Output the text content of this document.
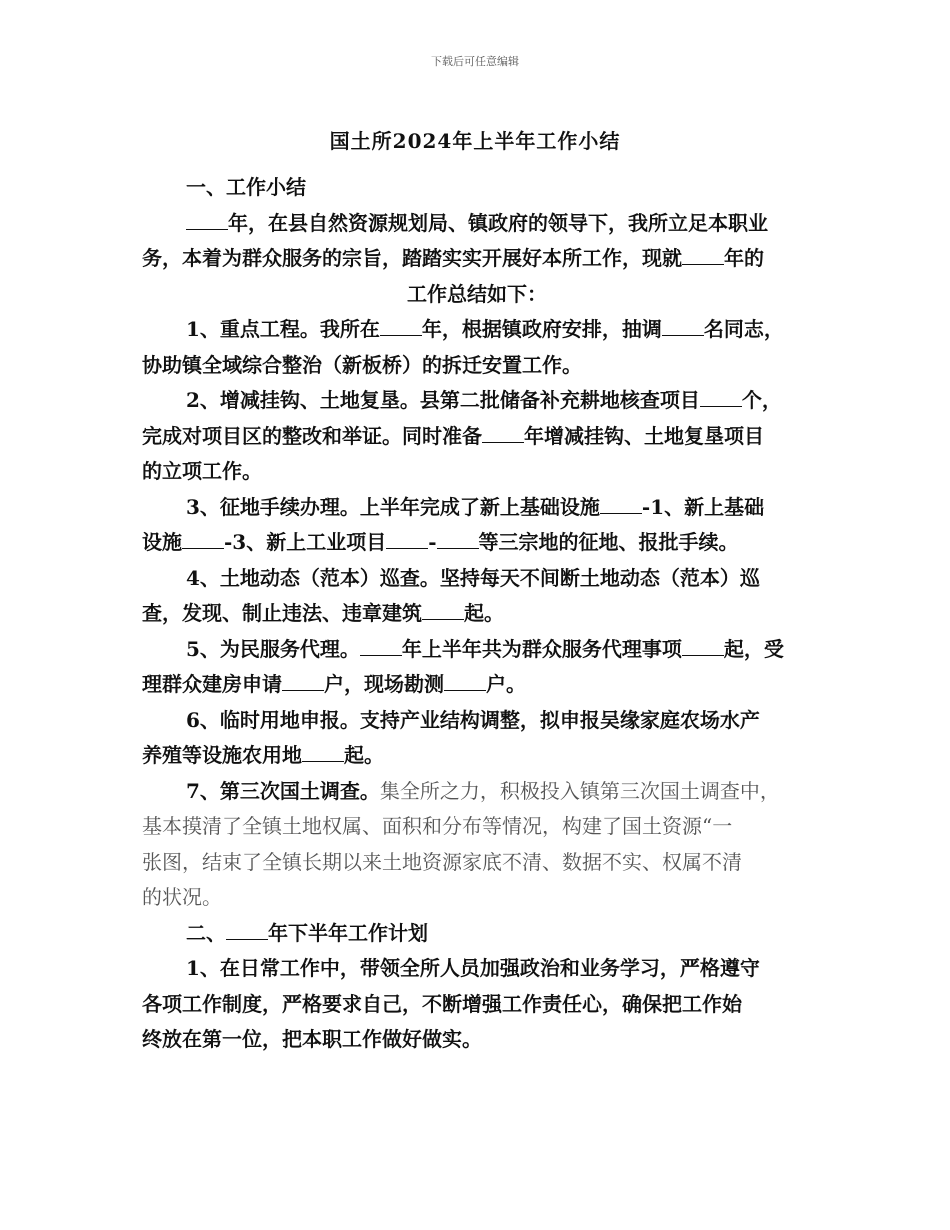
下载后可任意编辑
国土所2024年上半年工作小结
一、工作小结
年，在县自然资源规划局、镇政府的领导下，我所立足本职业
务，本着为群众服务的宗旨，踏踏实实开展好本所工作，现就 年的
工作总结如下：
1、重点工程。我所在 年，根据镇政府安排，抽调 名同志，
协助镇全域综合整治（新板桥）的拆迁安置工作。
2、增减挂钩、土地复垦。县第二批储备补充耕地核查项目 个，
完成对项目区的整改和举证。同时准备 年增减挂钩、土地复垦项目
的立项工作。
3、征地手续办理。上半年完成了新上基础设施 -1、新上基础
设施 -3、新上工业项目 - 等三宗地的征地、报批手续。
4、土地动态（范本）巡查。坚持每天不间断土地动态（范本）巡
查，发现、制止违法、违章建筑 起。
5、为民服务代理。 年上半年共为群众服务代理事项 起，受
理群众建房申请 户，现场勘测 户。
6、临时用地申报。支持产业结构调整，拟申报吴缘家庭农场水产
养殖等设施农用地 起。
7、第三次国土调查。集全所之力，积极投入镇第三次国土调查中，
基本摸清了全镇土地权属、面积和分布等情况，构建了国土资源“一
张图，结束了全镇长期以来土地资源家底不清、数据不实、权属不清
的状况。
二、 年下半年工作计划
1、在日常工作中，带领全所人员加强政治和业务学习，严格遵守
各项工作制度，严格要求自己，不断增强工作责任心，确保把工作始
终放在第一位，把本职工作做好做实。
